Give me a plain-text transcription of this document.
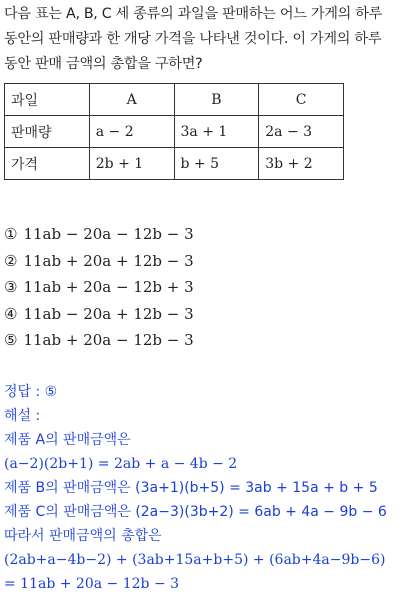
다음 표는 A, B, C 세 종류의 과일을 판매하는 어느 가게의 하루 동안의 판매량과 한 개당 가격을 나타낸 것이다. 이 가게의 하루 동안 판매 금액의 총합을 구하면?
과일	A	B	C
판매량	a − 2	3a + 1	2a − 3
가격	2b + 1	b + 5	3b + 2
① 11ab − 20a − 12b − 3
② 11ab + 20a + 12b − 3
③ 11ab + 20a − 12b + 3
④ 11ab − 20a + 12b − 3
⑤ 11ab + 20a − 12b − 3
정답 : ⑤
해설 :
제품 A의 판매금액은
(a−2)(2b+1) = 2ab + a − 4b − 2
제품 B의 판매금액은 (3a+1)(b+5) = 3ab + 15a + b + 5
제품 C의 판매금액은 (2a−3)(3b+2) = 6ab + 4a − 9b − 6
따라서 판매금액의 총합은
(2ab+a−4b−2) + (3ab+15a+b+5) + (6ab+4a−9b−6)
= 11ab + 20a − 12b − 3
